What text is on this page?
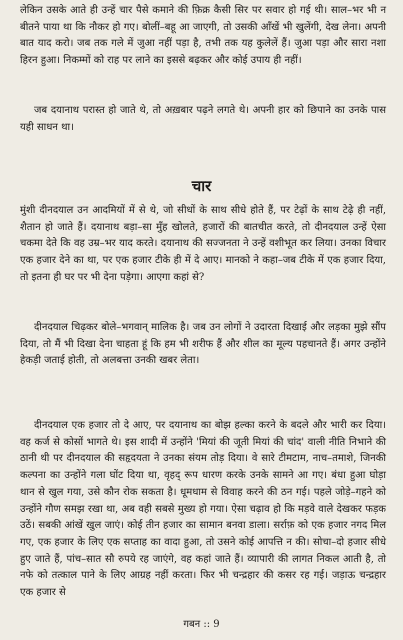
लेकिन उसके आते ही उन्हें चार पैसे कमाने की फ़िक्र कैसी सिर पर सवार हो गई थी। साल–भर भी न बीतने पाया था कि नौकर हो गए। बोलीं–बहू आ जाएगी, तो उसकी आँखें भी खुलेंगी, देख लेना। अपनी बात याद करो। जब तक गले में जुआ नहीं पड़ा है, तभी तक यह कुलेलें हैं। जुआ पड़ा और सारा नशा हिरन हुआ। निकम्मों को राह पर लाने का इससे बढ़कर और कोई उपाय ही नहीं।

जब दयानाथ परास्त हो जाते थे, तो अख़बार पढ़ने लगते थे। अपनी हार को छिपाने का उनके पास यही साधन था।

चार

मुंशी दीनदयाल उन आदमियों में से थे, जो सीधों के साथ सीधे होते हैं, पर टेढ़ों के साथ टेढ़े ही नहीं, शैतान हो जाते हैं। दयानाथ बड़ा–सा मुँह खोलते, हजारों की बातचीत करते, तो दीनदयाल उन्हें ऐसा चकमा देते कि वह उम्र–भर याद करते। दयानाथ की सज्जनता ने उन्हें वशीभूत कर लिया। उनका विचार एक हजार देने का था, पर एक हजार टीके ही में दे आए। मानको ने कहा–जब टीके में एक हजार दिया, तो इतना ही घर पर भी देना पड़ेगा। आएगा कहां से?

दीनदयाल चिढ़कर बोले–भगवान् मालिक है। जब उन लोगों ने उदारता दिखाई और लड़का मुझे सौंप दिया, तो मैं भी दिखा देना चाहता हूं कि हम भी शरीफ हैं और शील का मूल्य पहचानते हैं। अगर उन्होंने हेकड़ी जताई होती, तो अलबत्ता उनकी खबर लेता।

दीनदयाल एक हजार तो दे आए, पर दयानाथ का बोझ हल्का करने के बदले और भारी कर दिया। वह कर्ज से कोसों भागते थे। इस शादी में उन्होंने 'मियां की जूती मियां की चांद' वाली नीति निभाने की ठानी थी पर दीनदयाल की सहृदयता ने उनका संयम तोड़ दिया। वे सारे टीमटाम, नाच–तमाशे, जिनकी कल्पना का उन्होंने गला घोंट दिया था, वृहद् रूप धारण करके उनके सामने आ गए। बंधा हुआ घोड़ा थान से खुल गया, उसे कौन रोक सकता है। धूमधाम से विवाह करने की ठन गई। पहले जोड़े–गहने को उन्होंने गौण समझ रखा था, अब वही सबसे मुख्य हो गया। ऐसा चढ़ाव हो कि मड़वे वाले देखकर फड़क उठें। सबकी आंखें खुल जाएं। कोई तीन हजार का सामान बनवा डाला। सर्राफ़ को एक हजार नगद मिल गए, एक हजार के लिए एक सप्ताह का वादा हुआ, तो उसने कोई आपत्ति न की। सोचा–दो हजार सीधे हुए जाते हैं, पांच–सात सौ रुपये रह जाएंगे, वह कहां जाते हैं। व्यापारी की लागत निकल आती है, तो नफे को तत्काल पाने के लिए आग्रह नहीं करता। फिर भी चन्द्रहार की कसर रह गई। जड़ाऊ चन्द्रहार एक हजार से

गबन :: 9
